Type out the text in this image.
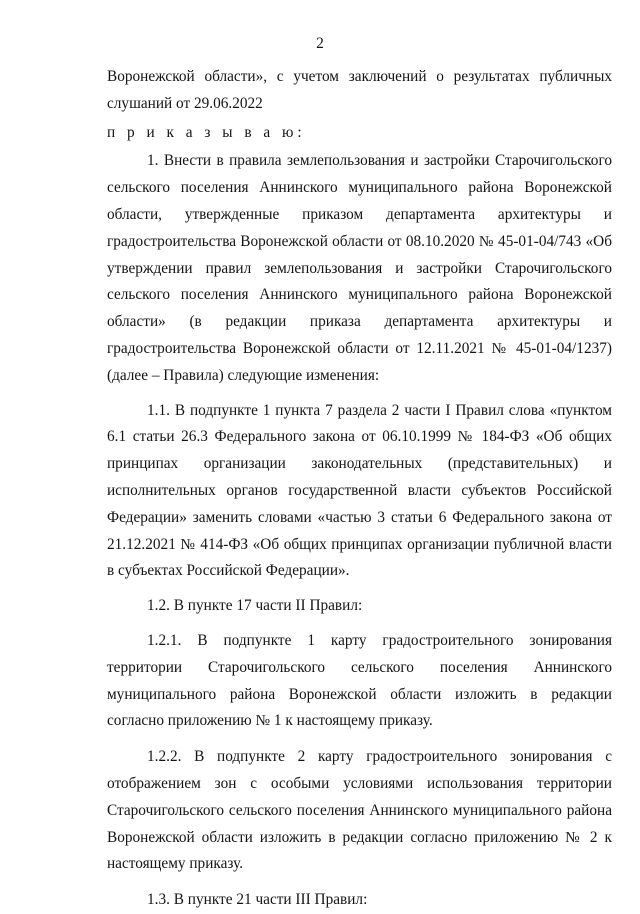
2

Воронежской области», с учетом заключений о результатах публичных слушаний от 29.06.2022

п р и к а з ы в а ю:

1. Внести в правила землепользования и застройки Старочигольского сельского поселения Аннинского муниципального района Воронежской области, утвержденные приказом департамента архитектуры и градостроительства Воронежской области от 08.10.2020 № 45-01-04/743 «Об утверждении правил землепользования и застройки Старочигольского сельского поселения Аннинского муниципального района Воронежской области» (в редакции приказа департамента архитектуры и градостроительства Воронежской области от 12.11.2021 № 45-01-04/1237) (далее – Правила) следующие изменения:

1.1. В подпункте 1 пункта 7 раздела 2 части I Правил слова «пунктом 6.1 статьи 26.3 Федерального закона от 06.10.1999 № 184-ФЗ «Об общих принципах организации законодательных (представительных) и исполнительных органов государственной власти субъектов Российской Федерации» заменить словами «частью 3 статьи 6 Федерального закона от 21.12.2021 № 414-ФЗ «Об общих принципах организации публичной власти в субъектах Российской Федерации».

1.2. В пункте 17 части II Правил:

1.2.1. В подпункте 1 карту градостроительного зонирования территории Старочигольского сельского поселения Аннинского муниципального района Воронежской области изложить в редакции согласно приложению № 1 к настоящему приказу.

1.2.2. В подпункте 2 карту градостроительного зонирования с отображением зон с особыми условиями использования территории Старочигольского сельского поселения Аннинского муниципального района Воронежской области изложить в редакции согласно приложению № 2 к настоящему приказу.

1.3. В пункте 21 части III Правил:
